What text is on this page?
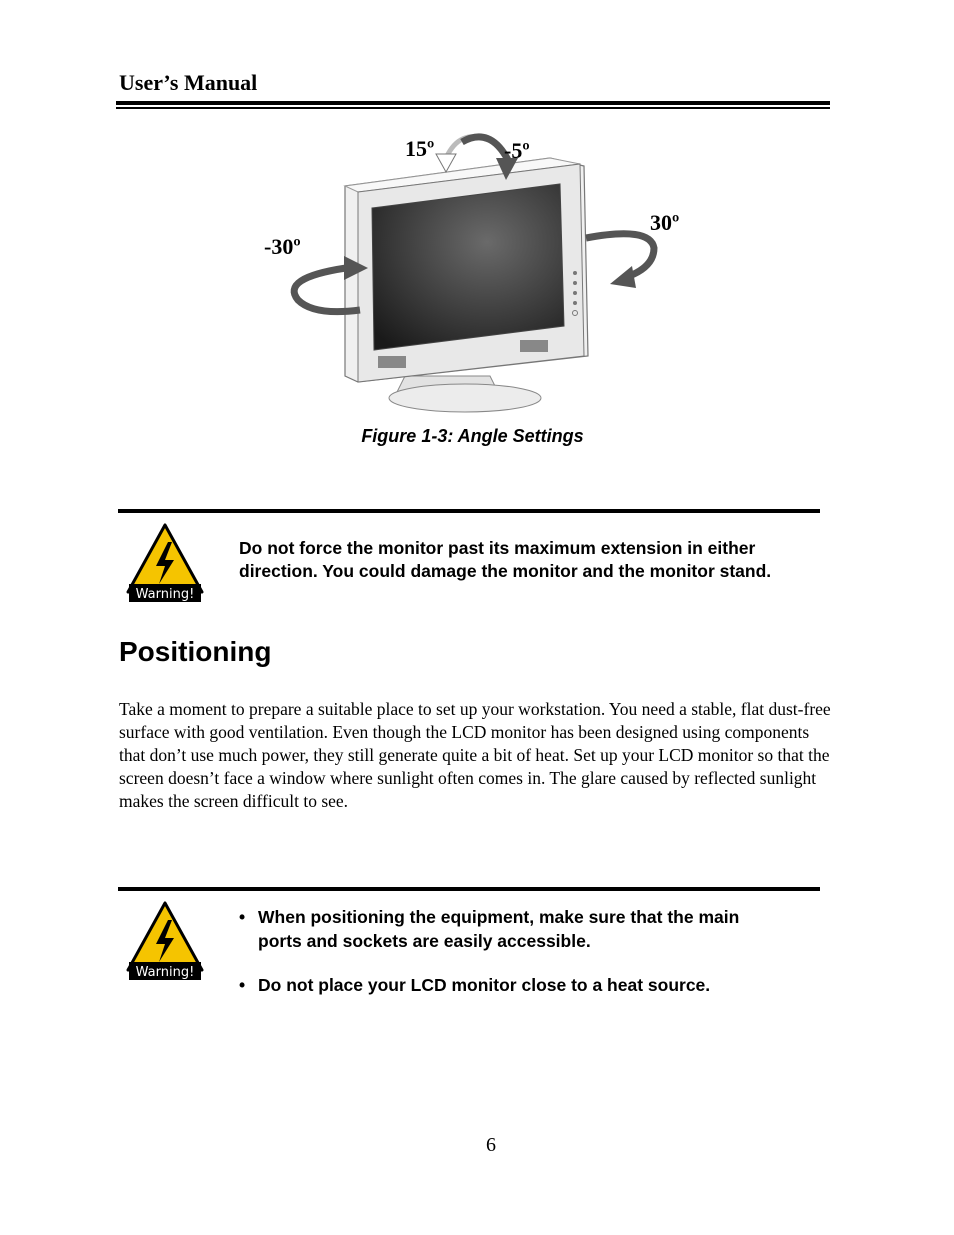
User’s Manual
15º	-5º
-30º
30º
Figure 1-3: Angle Settings
Warning!
Do not force the monitor past its maximum extension in either direction. You could damage the monitor and the monitor stand.
Positioning

Take a moment to prepare a suitable place to set up your workstation. You need a stable, flat dust-free surface with good ventilation. Even though the LCD monitor has been designed using components that don’t use much power, they still generate quite a bit of heat. Set up your LCD monitor so that the screen doesn’t face a window where sunlight often comes in. The glare caused by reflected sunlight makes the screen difficult to see.

Warning!
• When positioning the equipment, make sure that the main ports and sockets are easily accessible.
• Do not place your LCD monitor close to a heat source.
6
